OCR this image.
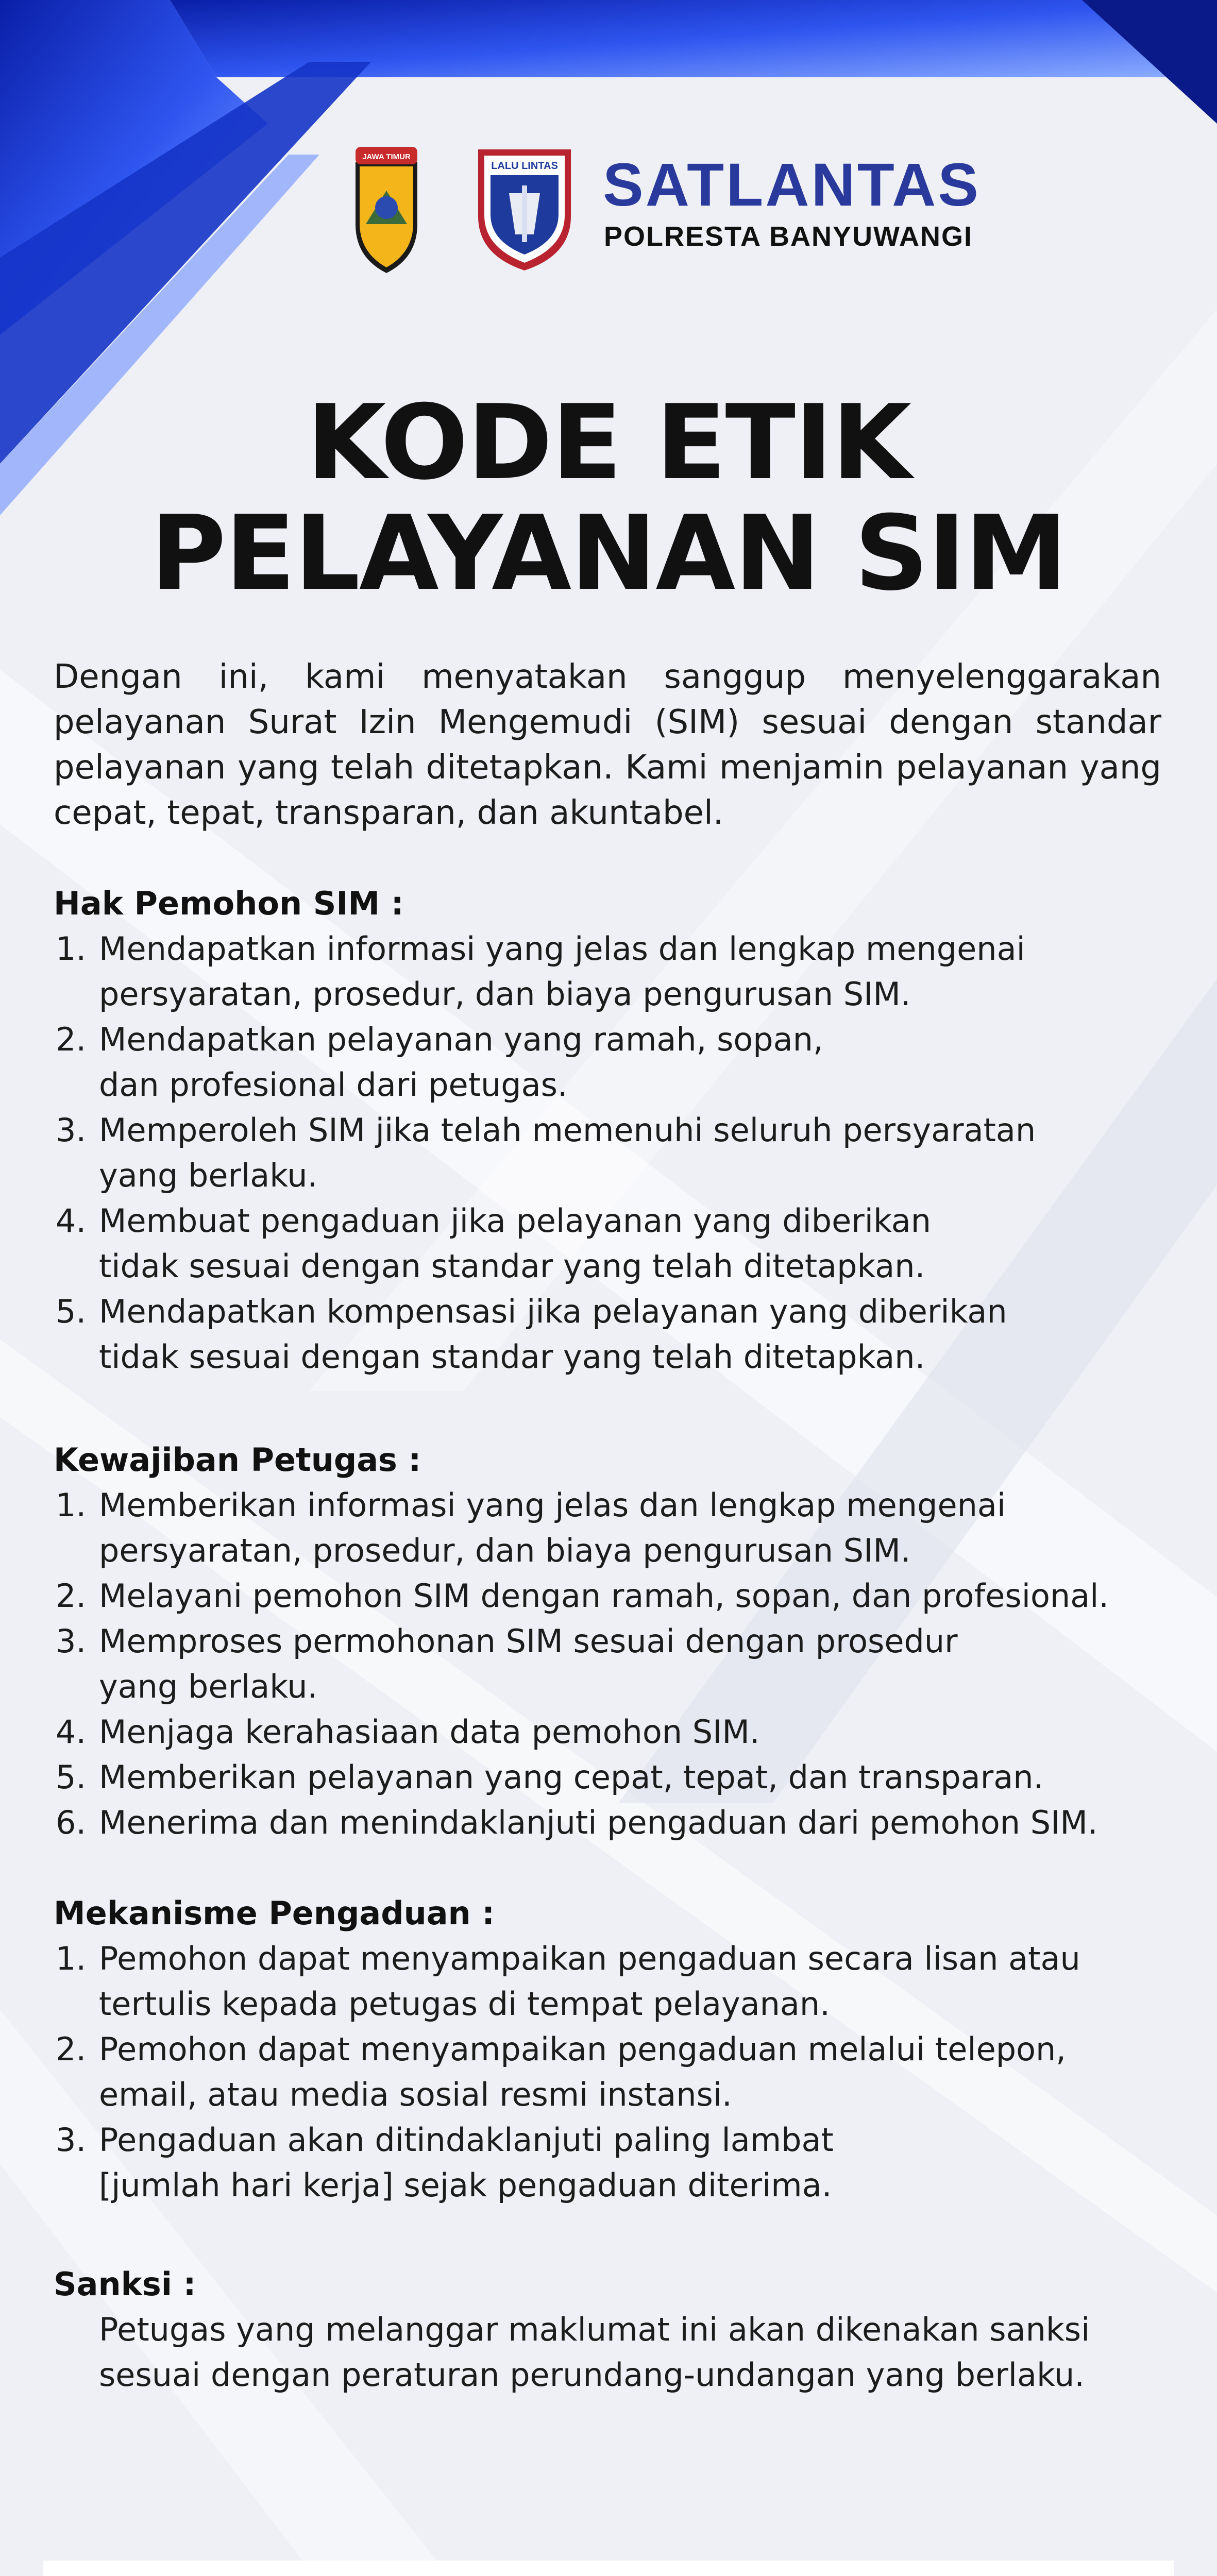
JAWA TIMUR
LALU LINTAS SATLANTAS
POLRESTA BANYUWANGI
KODE ETIK
PELAYANAN SIM
Dengan ini, kami menyatakan sanggup menyelenggarakan pelayanan Surat Izin Mengemudi (SIM) sesuai dengan standar pelayanan yang telah ditetapkan. Kami menjamin pelayanan yang cepat, tepat, transparan, dan akuntabel.
Hak Pemohon SIM :
1. Mendapatkan informasi yang jelas dan lengkap mengenai
persyaratan, prosedur, dan biaya pengurusan SIM.
2. Mendapatkan pelayanan yang ramah, sopan,
dan profesional dari petugas.
3. Memperoleh SIM jika telah memenuhi seluruh persyaratan
yang berlaku.
4. Membuat pengaduan jika pelayanan yang diberikan
tidak sesuai dengan standar yang telah ditetapkan.
5. Mendapatkan kompensasi jika pelayanan yang diberikan
tidak sesuai dengan standar yang telah ditetapkan.
Kewajiban Petugas :
1. Memberikan informasi yang jelas dan lengkap mengenai
persyaratan, prosedur, dan biaya pengurusan SIM.
2. Melayani pemohon SIM dengan ramah, sopan, dan profesional.
3. Memproses permohonan SIM sesuai dengan prosedur
yang berlaku.
4. Menjaga kerahasiaan data pemohon SIM.
5. Memberikan pelayanan yang cepat, tepat, dan transparan.
6. Menerima dan menindaklanjuti pengaduan dari pemohon SIM.
Mekanisme Pengaduan :
1. Pemohon dapat menyampaikan pengaduan secara lisan atau
tertulis kepada petugas di tempat pelayanan.
2. Pemohon dapat menyampaikan pengaduan melalui telepon,
email, atau media sosial resmi instansi.
3. Pengaduan akan ditindaklanjuti paling lambat
[jumlah hari kerja] sejak pengaduan diterima.
Sanksi :
Petugas yang melanggar maklumat ini akan dikenakan sanksi
sesuai dengan peraturan perundang-undangan yang berlaku.
